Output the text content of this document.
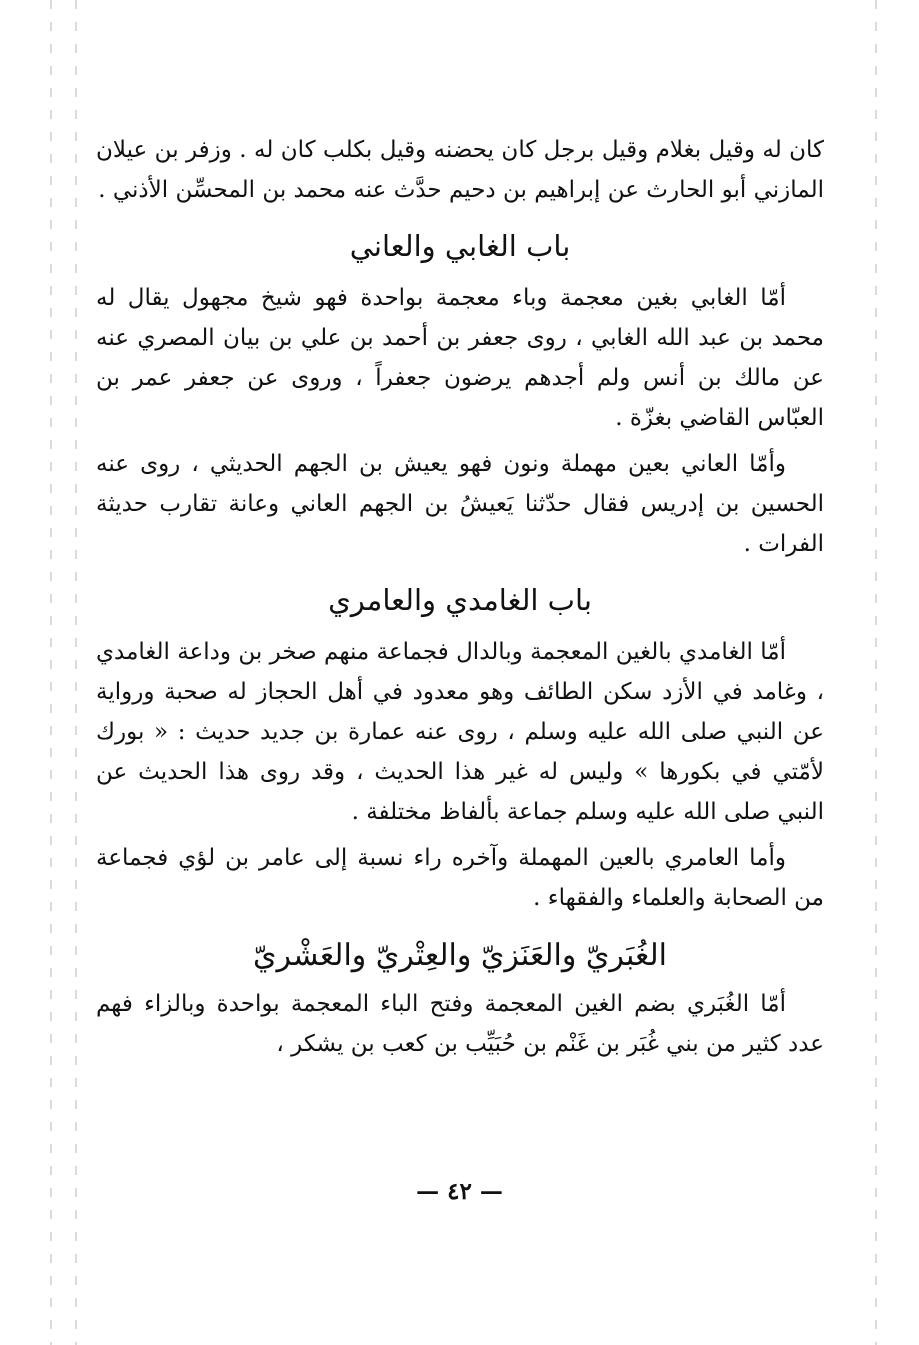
كان له وقيل بغلام وقيل برجل كان يحضنه وقيل بكلب كان له . وزفر بن عيلان المازني أبو الحارث عن إبراهيم بن دحيم حدَّث عنه محمد بن المحسِّن الأذني .

باب الغابي والعاني

أمّا الغابي بغين معجمة وباء معجمة بواحدة فهو شيخ مجهول يقال له محمد بن عبد الله الغابي ، روى جعفر بن أحمد بن علي بن بيان المصري عنه عن مالك بن أنس ولم أجدهم يرضون جعفراً ، وروى عن جعفر عمر بن العبّاس القاضي بغزّة .

وأمّا العاني بعين مهملة ونون فهو يعيش بن الجهم الحديثي ، روى عنه الحسين بن إدريس فقال حدّثنا يَعيشُ بن الجهم العاني وعانة تقارب حديثة الفرات .

باب الغامدي والعامري

أمّا الغامدي بالغين المعجمة وبالدال فجماعة منهم صخر بن وداعة الغامدي ، وغامد في الأزد سكن الطائف وهو معدود في أهل الحجاز له صحبة ورواية عن النبي صلى الله عليه وسلم ، روى عنه عمارة بن جديد حديث : « بورك لأمّتي في بكورها » وليس له غير هذا الحديث ، وقد روى هذا الحديث عن النبي صلى الله عليه وسلم جماعة بألفاظ مختلفة .

وأما العامري بالعين المهملة وآخره راء نسبة إلى عامر بن لؤي فجماعة من الصحابة والعلماء والفقهاء .

الغُبَريّ والعَنَزيّ والعِتْريّ والعَشْريّ

أمّا الغُبَري بضم الغين المعجمة وفتح الباء المعجمة بواحدة وبالزاء فهم عدد كثير من بني غُبَر بن غَنْم بن حُبَيِّب بن كعب بن يشكر ،

— ٤٢ —
